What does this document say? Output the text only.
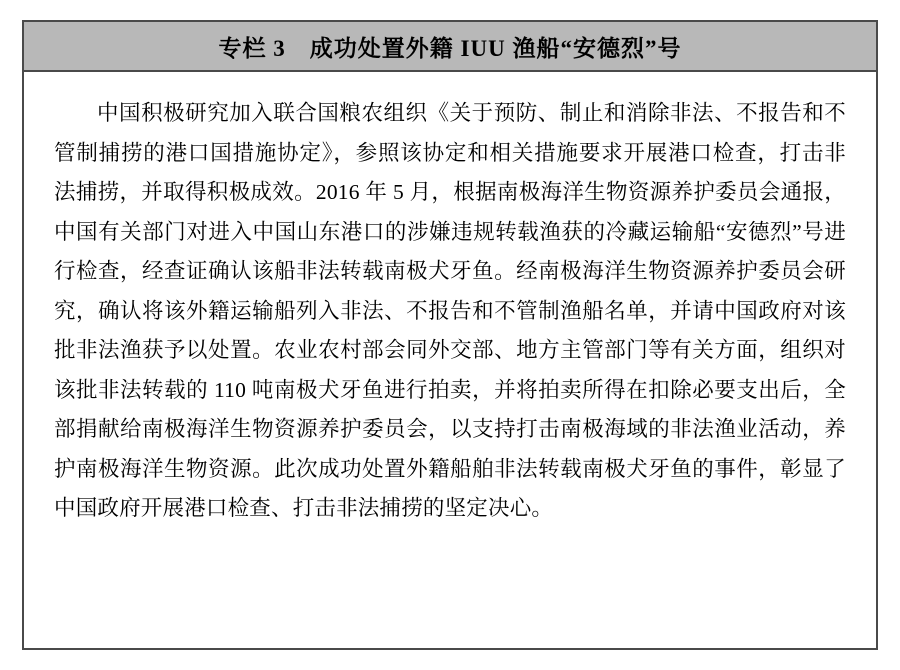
专栏 3　成功处置外籍 IUU 渔船“安德烈”号

中国积极研究加入联合国粮农组织《关于预防、制止和消除非法、不报告和不管制捕捞的港口国措施协定》，参照该协定和相关措施要求开展港口检查，打击非法捕捞，并取得积极成效。2016 年 5 月，根据南极海洋生物资源养护委员会通报，中国有关部门对进入中国山东港口的涉嫌违规转载渔获的冷藏运输船“安德烈”号进行检查，经查证确认该船非法转载南极犬牙鱼。经南极海洋生物资源养护委员会研究，确认将该外籍运输船列入非法、不报告和不管制渔船名单，并请中国政府对该批非法渔获予以处置。农业农村部会同外交部、地方主管部门等有关方面，组织对该批非法转载的 110 吨南极犬牙鱼进行拍卖，并将拍卖所得在扣除必要支出后，全部捐献给南极海洋生物资源养护委员会，以支持打击南极海域的非法渔业活动，养护南极海洋生物资源。此次成功处置外籍船舶非法转载南极犬牙鱼的事件，彰显了中国政府开展港口检查、打击非法捕捞的坚定决心。
